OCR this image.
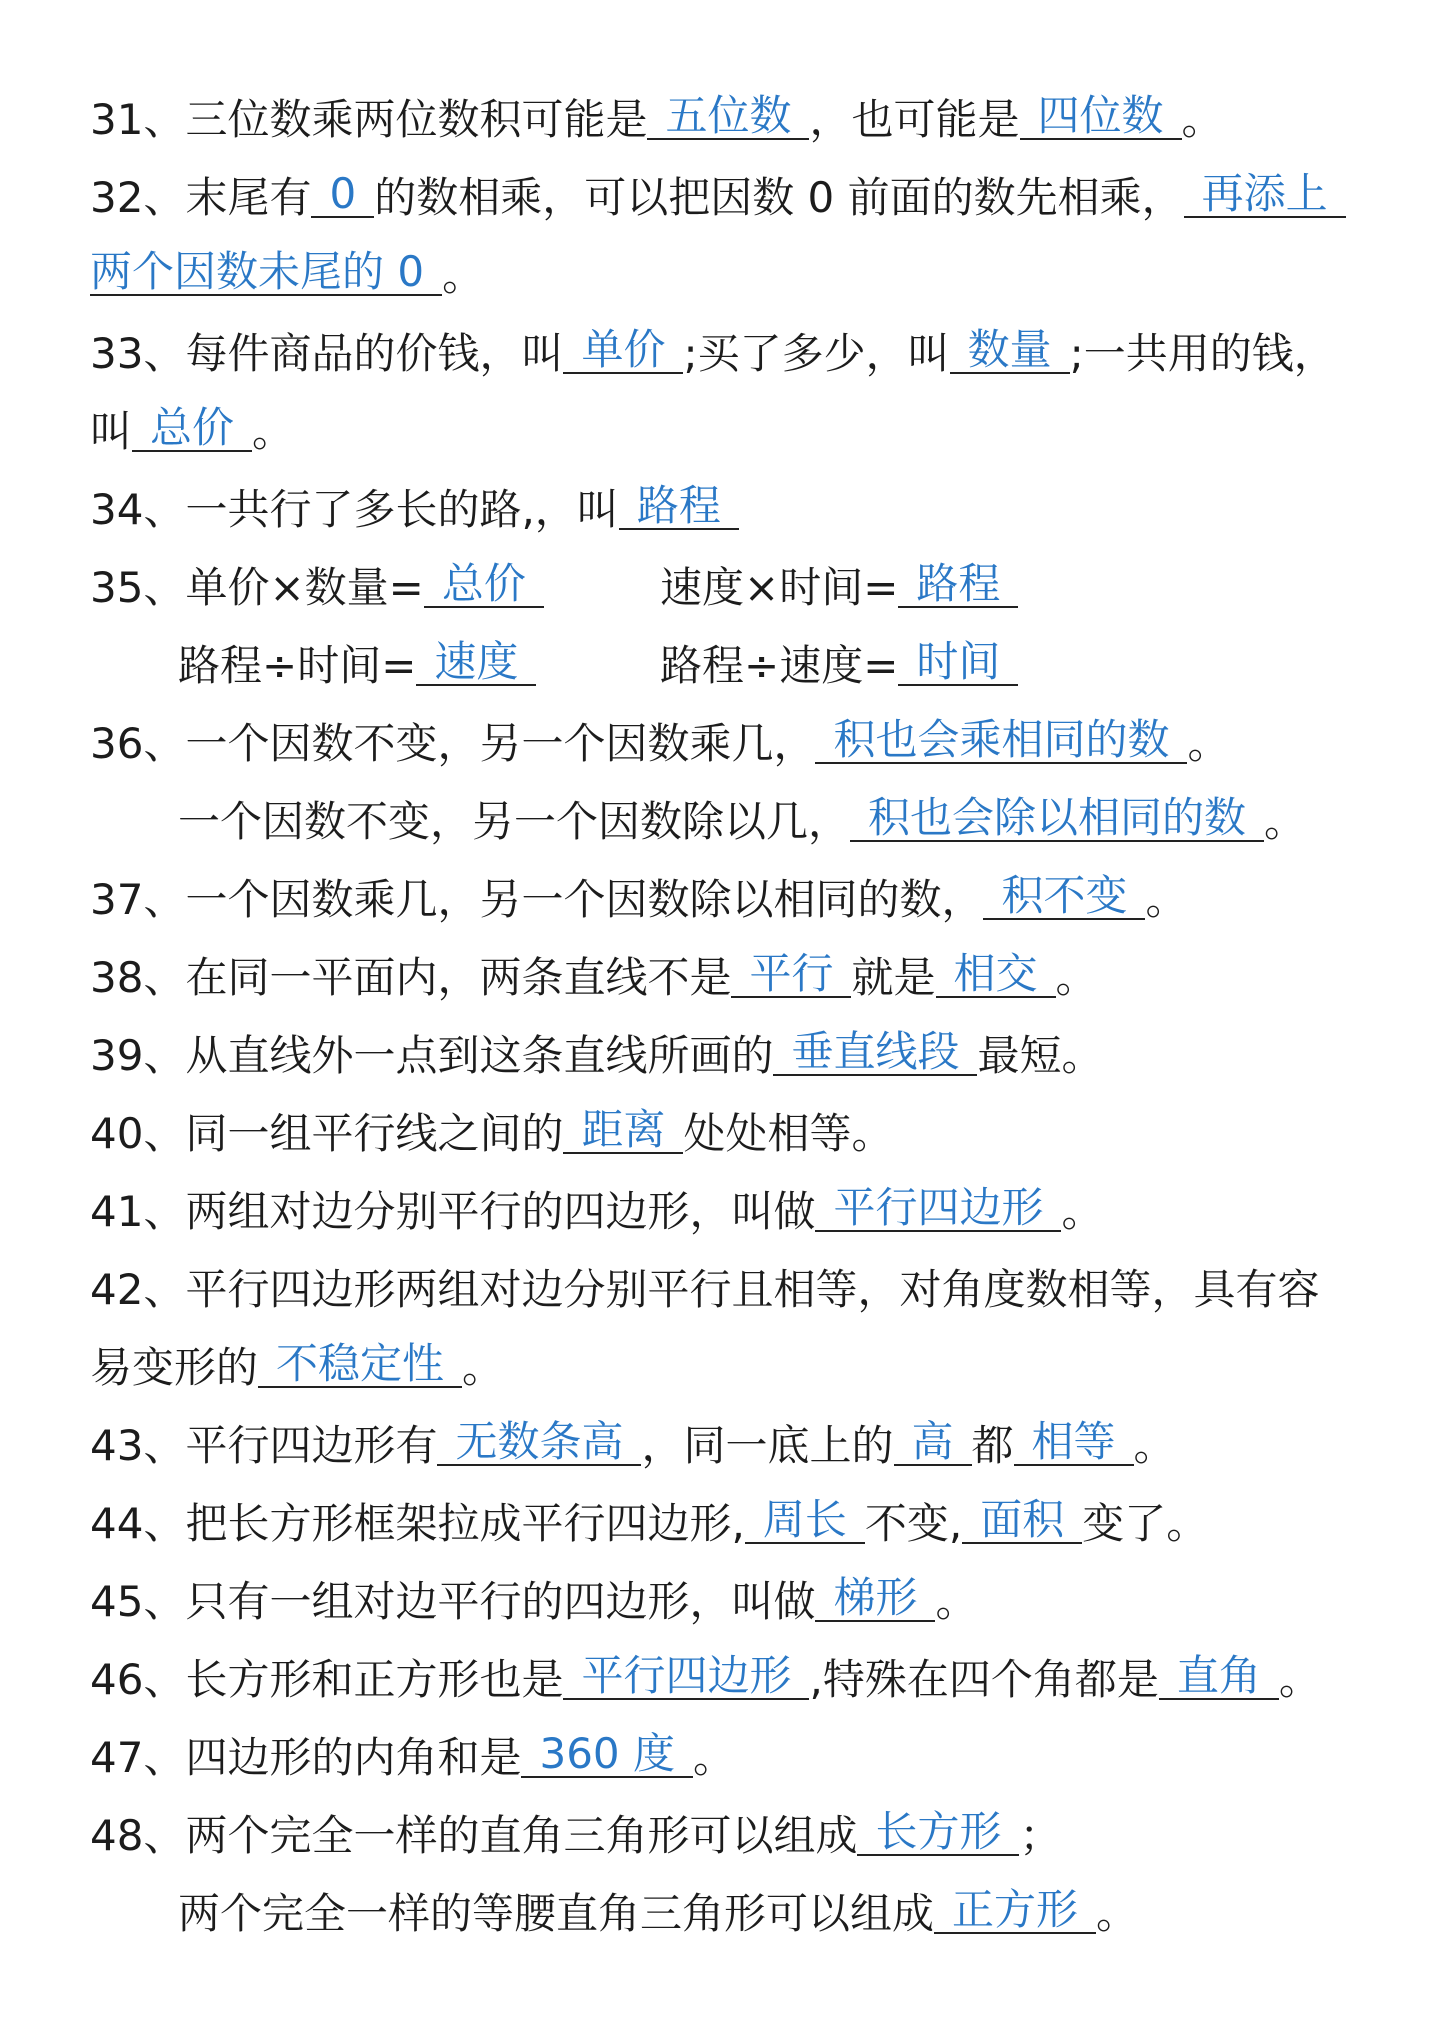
31、 三位数乘两位数积可能是 五位数 ，也可能是 四位数 。
32、 末尾有 0 的数相乘，可以把因数 0 前面的数先相乘， 再添上
两个因数未尾的 0 。
33、 每件商品的价钱，叫 单价 ;买了多少，叫 数量 ;一共用的钱，
叫 总价 。
34、 一共行了多长的路,，叫 路程
35、 单价×数量= 总价	速度×时间= 路程
路程÷时间= 速度	路程÷速度= 时间
36、 一个因数不变，另一个因数乘几， 积也会乘相同的数 。
一个因数不变，另一个因数除以几， 积也会除以相同的数 。
37、 一个因数乘几，另一个因数除以相同的数， 积不变 。
38、 在同一平面内，两条直线不是 平行 就是 相交 。
39、 从直线外一点到这条直线所画的 垂直线段 最短。
40、 同一组平行线之间的 距离 处处相等。
41、 两组对边分别平行的四边形，叫做 平行四边形 。
42、 平行四边形两组对边分别平行且相等，对角度数相等，具有容
易变形的 不稳定性 。
43、 平行四边形有 无数条高 ，同一底上的 高 都 相等 。
44、 把长方形框架拉成平行四边形, 周长 不变, 面积 变了。
45、 只有一组对边平行的四边形，叫做 梯形 。
46、 长方形和正方形也是 平行四边形 ,特殊在四个角都是 直角 。
47、 四边形的内角和是 360 度 。
48、 两个完全一样的直角三角形可以组成 长方形 ；
两个完全一样的等腰直角三角形可以组成 正方形 。
